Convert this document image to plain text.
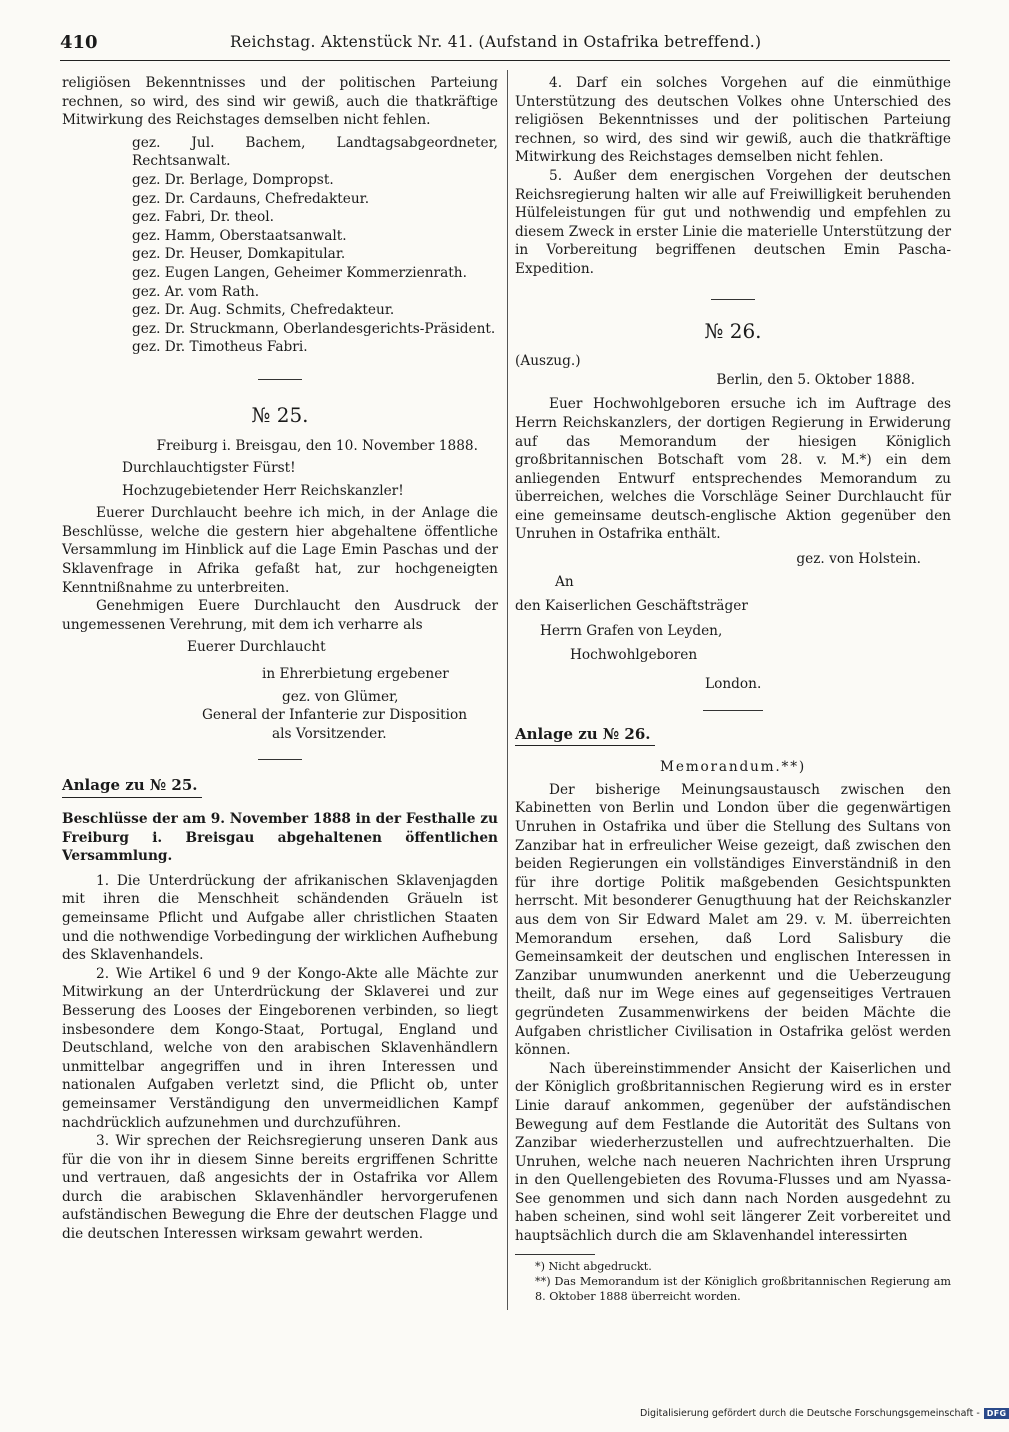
410	Reichstag. Aktenstück Nr. 41. (Aufstand in Ostafrika betreffend.)

religiösen Bekenntnisses und der politischen Parteiung rechnen, so wird, des sind wir gewiß, auch die thatkräftige Mitwirkung des Reichstages demselben nicht fehlen.

gez. Jul. Bachem, Landtagsabgeordneter, Rechtsanwalt.

gez. Dr. Berlage, Dompropst.

gez. Dr. Cardauns, Chefredakteur.

gez. Fabri, Dr. theol.

gez. Hamm, Oberstaatsanwalt.

gez. Dr. Heuser, Domkapitular.

gez. Eugen Langen, Geheimer Kommerzienrath.

gez. Ar. vom Rath.

gez. Dr. Aug. Schmits, Chefredakteur.

gez. Dr. Struckmann, Oberlandesgerichts-Präsident.

gez. Dr. Timotheus Fabri.

№ 25.

Freiburg i. Breisgau, den 10. November 1888.

Durchlauchtigster Fürst!

Hochzugebietender Herr Reichskanzler!

Euerer Durchlaucht beehre ich mich, in der Anlage die Beschlüsse, welche die gestern hier abgehaltene öffentliche Versammlung im Hinblick auf die Lage Emin Paschas und der Sklavenfrage in Afrika gefaßt hat, zur hochgeneigten Kenntnißnahme zu unterbreiten.

Genehmigen Euere Durchlaucht den Ausdruck der ungemessenen Verehrung, mit dem ich verharre als

Euerer Durchlaucht

in Ehrerbietung ergebener

gez. von Glümer,

General der Infanterie zur Disposition

als Vorsitzender.

Anlage zu № 25.

Beschlüsse der am 9. November 1888 in der Festhalle zu Freiburg i. Breisgau abgehaltenen öffentlichen Versammlung.

1. Die Unterdrückung der afrikanischen Sklavenjagden mit ihren die Menschheit schändenden Gräueln ist gemeinsame Pflicht und Aufgabe aller christlichen Staaten und die nothwendige Vorbedingung der wirklichen Aufhebung des Sklavenhandels.

2. Wie Artikel 6 und 9 der Kongo-Akte alle Mächte zur Mitwirkung an der Unterdrückung der Sklaverei und zur Besserung des Looses der Eingeborenen verbinden, so liegt insbesondere dem Kongo-Staat, Portugal, England und Deutschland, welche von den arabischen Sklavenhändlern unmittelbar angegriffen und in ihren Interessen und nationalen Aufgaben verletzt sind, die Pflicht ob, unter gemeinsamer Verständigung den unvermeidlichen Kampf nachdrücklich aufzunehmen und durchzuführen.

3. Wir sprechen der Reichsregierung unseren Dank aus für die von ihr in diesem Sinne bereits ergriffenen Schritte und vertrauen, daß angesichts der in Ostafrika vor Allem durch die arabischen Sklavenhändler hervorgerufenen aufständischen Bewegung die Ehre der deutschen Flagge und die deutschen Interessen wirksam gewahrt werden.

4. Darf ein solches Vorgehen auf die einmüthige Unterstützung des deutschen Volkes ohne Unterschied des religiösen Bekenntnisses und der politischen Parteiung rechnen, so wird, des sind wir gewiß, auch die thatkräftige Mitwirkung des Reichstages demselben nicht fehlen.

5. Außer dem energischen Vorgehen der deutschen Reichsregierung halten wir alle auf Freiwilligkeit beruhenden Hülfeleistungen für gut und nothwendig und empfehlen zu diesem Zweck in erster Linie die materielle Unterstützung der in Vorbereitung begriffenen deutschen Emin Pascha-Expedition.

№ 26.

(Auszug.)

Berlin, den 5. Oktober 1888.

Euer Hochwohlgeboren ersuche ich im Auftrage des Herrn Reichskanzlers, der dortigen Regierung in Erwiderung auf das Memorandum der hiesigen Königlich großbritannischen Botschaft vom 28. v. M.*) ein dem anliegenden Entwurf entsprechendes Memorandum zu überreichen, welches die Vorschläge Seiner Durchlaucht für eine gemeinsame deutsch-englische Aktion gegenüber den Unruhen in Ostafrika enthält.

gez. von Holstein.

An

den Kaiserlichen Geschäftsträger

Herrn Grafen von Leyden,

Hochwohlgeboren

London.

Anlage zu № 26.

Memorandum.**)

Der bisherige Meinungsaustausch zwischen den Kabinetten von Berlin und London über die gegenwärtigen Unruhen in Ostafrika und über die Stellung des Sultans von Zanzibar hat in erfreulicher Weise gezeigt, daß zwischen den beiden Regierungen ein vollständiges Einverständniß in den für ihre dortige Politik maßgebenden Gesichtspunkten herrscht. Mit besonderer Genugthuung hat der Reichskanzler aus dem von Sir Edward Malet am 29. v. M. überreichten Memorandum ersehen, daß Lord Salisbury die Gemeinsamkeit der deutschen und englischen Interessen in Zanzibar unumwunden anerkennt und die Ueberzeugung theilt, daß nur im Wege eines auf gegenseitiges Vertrauen gegründeten Zusammenwirkens der beiden Mächte die Aufgaben christlicher Civilisation in Ostafrika gelöst werden können.

Nach übereinstimmender Ansicht der Kaiserlichen und der Königlich großbritannischen Regierung wird es in erster Linie darauf ankommen, gegenüber der aufständischen Bewegung auf dem Festlande die Autorität des Sultans von Zanzibar wiederherzustellen und aufrechtzuerhalten. Die Unruhen, welche nach neueren Nachrichten ihren Ursprung in den Quellengebieten des Rovuma-Flusses und am Nyassa-See genommen und sich dann nach Norden ausgedehnt zu haben scheinen, sind wohl seit längerer Zeit vorbereitet und hauptsächlich durch die am Sklavenhandel interessirten

*) Nicht abgedruckt.

**) Das Memorandum ist der Königlich großbritannischen Regierung am 8. Oktober 1888 überreicht worden.

Digitalisierung gefördert durch die Deutsche Forschungsgemeinschaft - DFG
